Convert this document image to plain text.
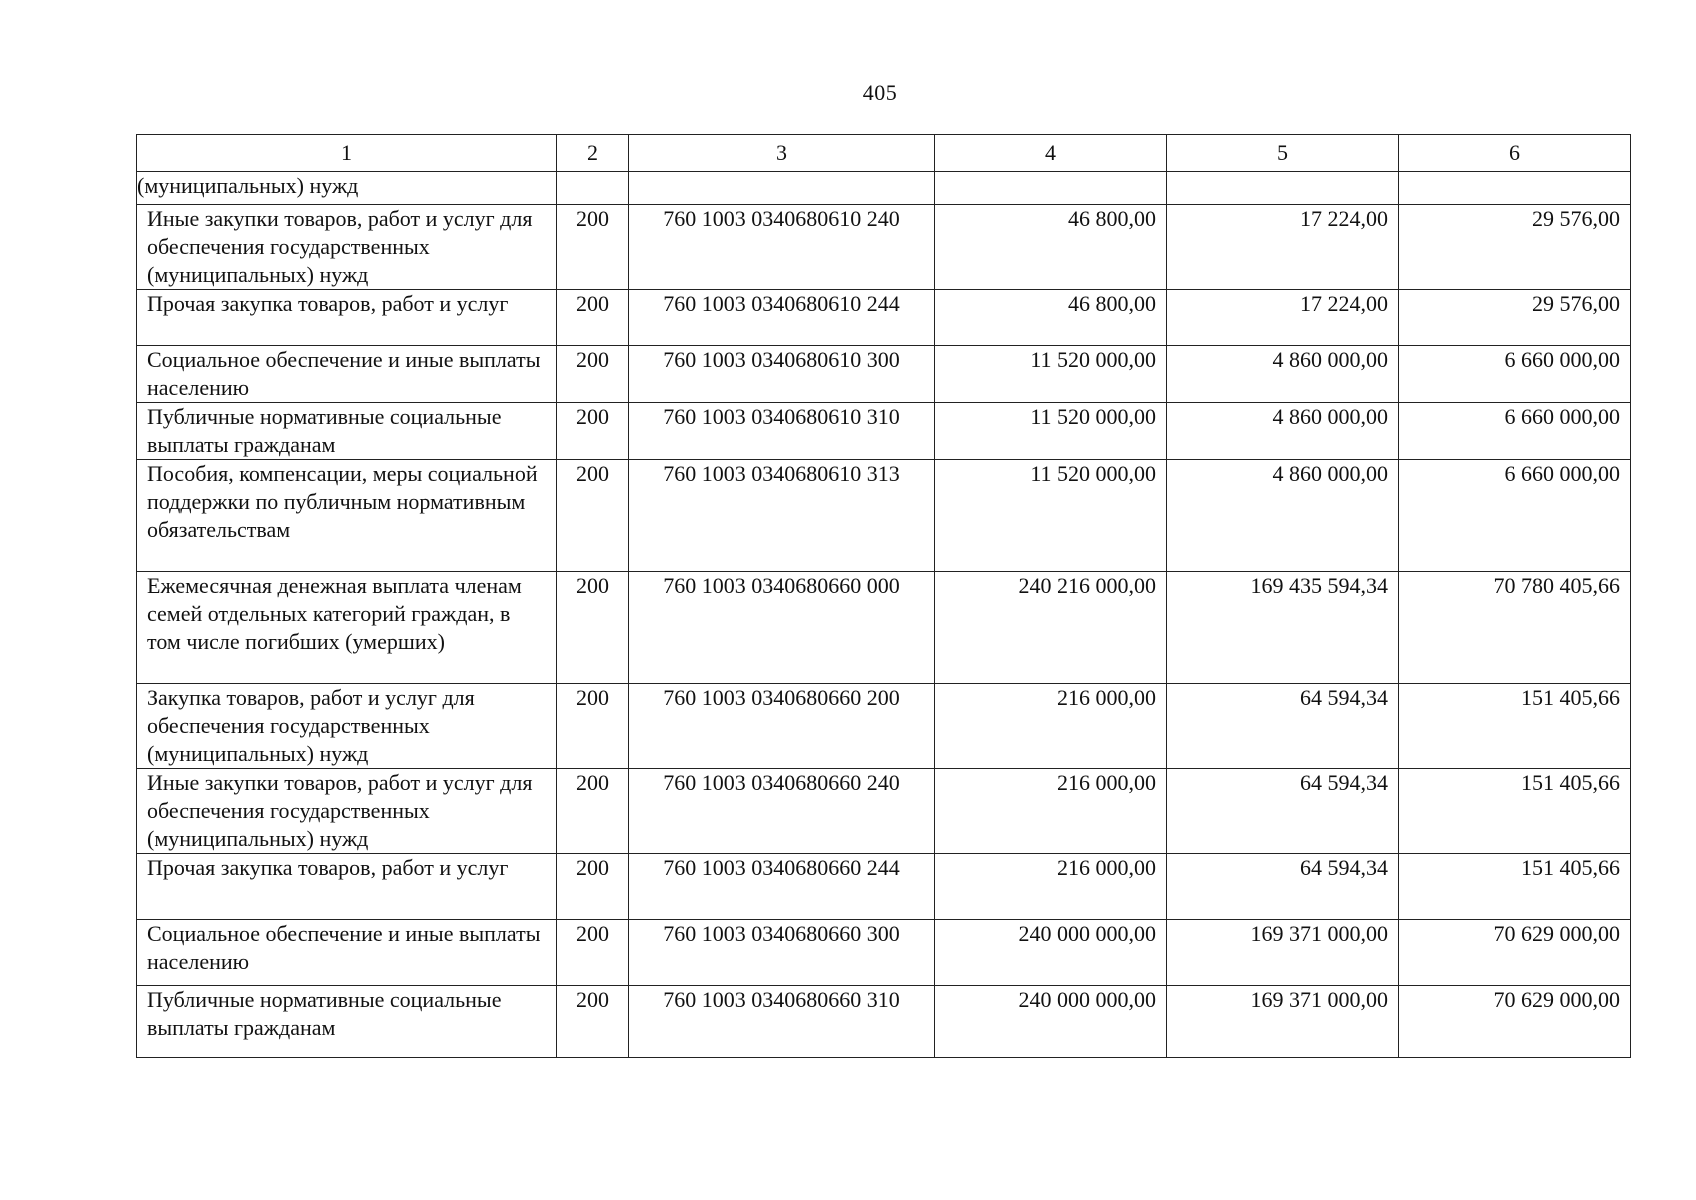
405
1	2	3	4	5	6
(муниципальных) нужд					
Иные закупки товаров, работ и услуг для обеспечения государственных (муниципальных) нужд	200	760 1003 0340680610 240	46 800,00	17 224,00	29 576,00
Прочая закупка товаров, работ и услуг	200	760 1003 0340680610 244	46 800,00	17 224,00	29 576,00
Социальное обеспечение и иные выплаты населению	200	760 1003 0340680610 300	11 520 000,00	4 860 000,00	6 660 000,00
Публичные нормативные социальные выплаты гражданам	200	760 1003 0340680610 310	11 520 000,00	4 860 000,00	6 660 000,00
Пособия, компенсации, меры социальной поддержки по публичным нормативным обязательствам	200	760 1003 0340680610 313	11 520 000,00	4 860 000,00	6 660 000,00
Ежемесячная денежная выплата членам семей отдельных категорий граждан, в том числе погибших (умерших)	200	760 1003 0340680660 000	240 216 000,00	169 435 594,34	70 780 405,66
Закупка товаров, работ и услуг для обеспечения государственных (муниципальных) нужд	200	760 1003 0340680660 200	216 000,00	64 594,34	151 405,66
Иные закупки товаров, работ и услуг для обеспечения государственных (муниципальных) нужд	200	760 1003 0340680660 240	216 000,00	64 594,34	151 405,66
Прочая закупка товаров, работ и услуг	200	760 1003 0340680660 244	216 000,00	64 594,34	151 405,66
Социальное обеспечение и иные выплаты населению	200	760 1003 0340680660 300	240 000 000,00	169 371 000,00	70 629 000,00
Публичные нормативные социальные выплаты гражданам	200	760 1003 0340680660 310	240 000 000,00	169 371 000,00	70 629 000,00
